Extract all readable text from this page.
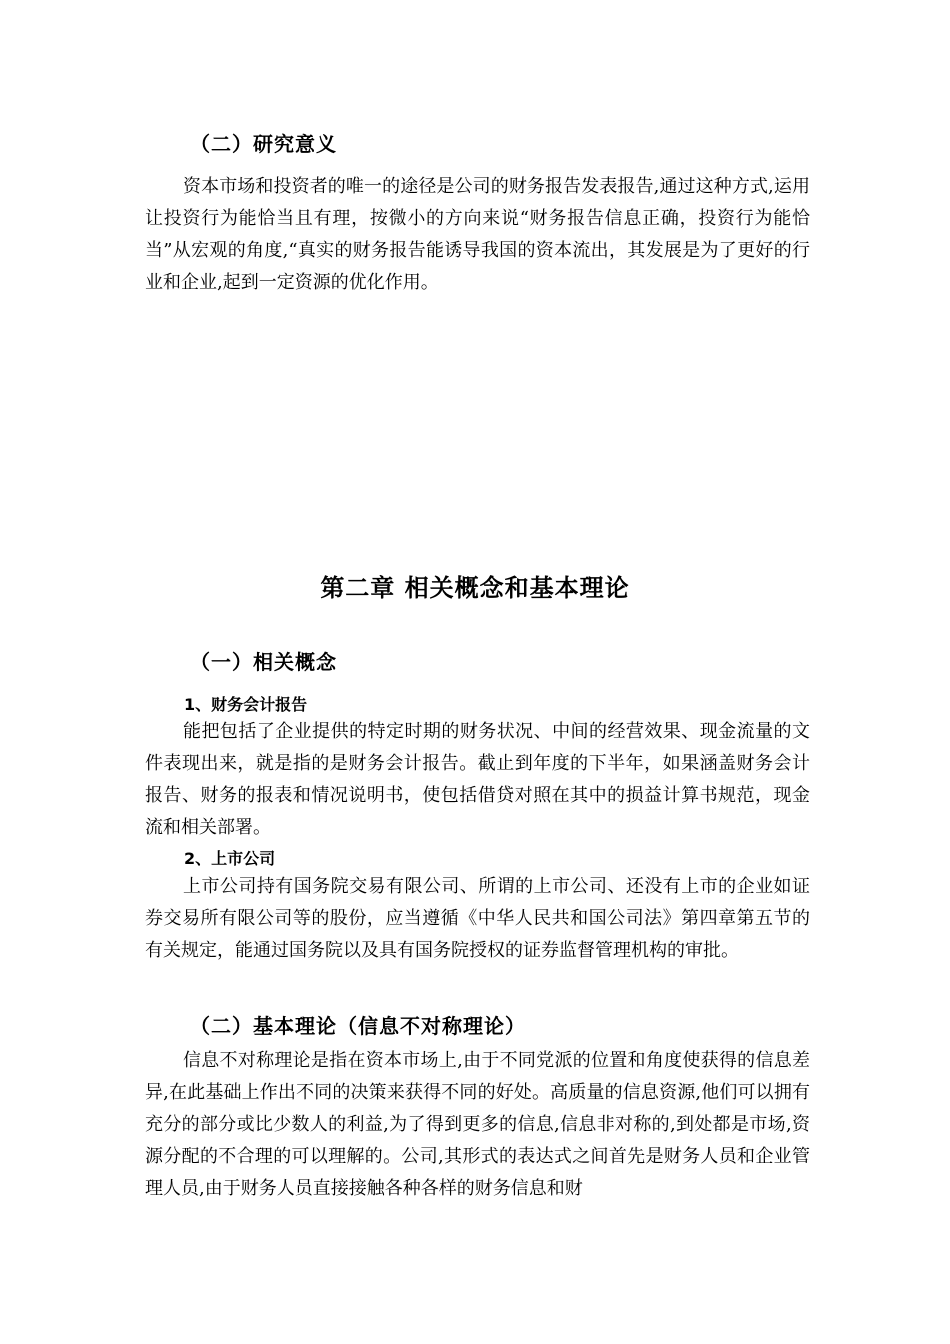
（二）研究意义

资本市场和投资者的唯一的途径是公司的财务报告发表报告,通过这种方式,运用让投资行为能恰当且有理，按微小的方向来说“财务报告信息正确，投资行为能恰当”从宏观的角度,“真实的财务报告能诱导我国的资本流出，其发展是为了更好的行业和企业,起到一定资源的优化作用。

第二章 相关概念和基本理论
（一）相关概念
1、财务会计报告

能把包括了企业提供的特定时期的财务状况、中间的经营效果、现金流量的文件表现出来，就是指的是财务会计报告。截止到年度的下半年，如果涵盖财务会计报告、财务的报表和情况说明书，使包括借贷对照在其中的损益计算书规范，现金流和相关部署。

2、上市公司

上市公司持有国务院交易有限公司、所谓的上市公司、还没有上市的企业如证券交易所有限公司等的股份，应当遵循《中华人民共和国公司法》第四章第五节的有关规定，能通过国务院以及具有国务院授权的证券监督管理机构的审批。

（二）基本理论（信息不对称理论）

信息不对称理论是指在资本市场上,由于不同党派的位置和角度使获得的信息差异,在此基础上作出不同的决策来获得不同的好处。高质量的信息资源,他们可以拥有充分的部分或比少数人的利益,为了得到更多的信息,信息非对称的,到处都是市场,资源分配的不合理的可以理解的。公司,其形式的表达式之间首先是财务人员和企业管理人员,由于财务人员直接接触各种各样的财务信息和财
